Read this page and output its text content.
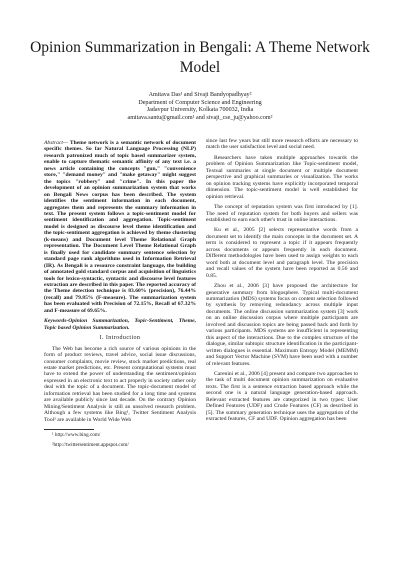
Opinion Summarization in Bengali: A Theme Network Model
Amitava Das¹ and Sivaji Bandyopadhyay²
Department of Computer Science and Engineering
Jadavpur University, Kolkata 700032, India
amitava.santu@gmail.com¹ and sivaji_cse_ju@yahoo.com²

Abstract— Theme network is a semantic network of document specific themes. So far Natural Language Processing (NLP) research patronized much of topic based summarizer system, enable to capture thematic semantic affinity of any text i.e. a news article containing the concepts "gun," "convenience store," "demand money" and "make getaway" might suggest the topics "robbery" and "crime". In this paper the development of an opinion summarization system that works on Bengali News corpus has been described. The system identifies the sentiment information in each document, aggregates them and represents the summary information in text. The present system follows a topic-sentiment model for sentiment identification and aggregation. Topic-sentiment model is designed as discourse level theme identification and the topic-sentiment aggregation is achieved by theme clustering (k-means) and Document level Theme Relational Graph representation. The Document Level Theme Relational Graph is finally used for candidate summary sentence selection by standard page rank algorithms used in Information Retrieval (IR). As Bengali is a resource constraint language, the building of annotated gold standard corpus and acquisition of linguistics tools for lexico-syntactic, syntactic and discourse level features extraction are described in this paper. The reported accuracy of the Theme detection technique is 83.60% (precision), 76.44% (recall) and 79.85% (F-measure). The summarization system has been evaluated with Precision of 72.15%, Recall of 67.32% and F-measure of 69.65%.

Keywords-Opinion Summarization, Topic-Sentiment, Theme, Topic based Opinion Summarization.

I. Introduction

The Web has become a rich source of various opinions in the form of product reviews, travel advice, social issue discussions, consumer complaints, movie review, stock market predictions, real estate market predictions, etc. Present computational systems must have to extend the power of understanding the sentiment/opinion expressed in an electronic text to act properly in society rather only deal with the topic of a document. The topic-document model of information retrieval has been studied for a long time and systems are available publicly since last decade. On the contrary Opinion Mining/Sentiment Analysis is still an unsolved research problem. Although a few systems like Bing¹, Twitter Sentiment Analysis Tool² are available in World Wide Web

¹ http://www.bing.com/

²http://twittersentiment.appspot.com/

since last few years but still more research efforts are necessary to match the user satisfaction level and social need.

Researchers have taken multiple approaches towards the problem of Opinion Summarization like Topic-sentiment model, Textual summaries at single document or multiple document perspective and graphical summaries or visualization. The works on opinion tracking systems have explicitly incorporated temporal dimension. The topic-sentiment model is well established for opinion retrieval.

The concept of reputation system was first introduced by [1]. The need of reputation system for both buyers and sellers was established to earn each other's trust in online interactions.

Ku et al., 2005 [2] selects representative words from a document set to identify the main concepts in the document set. A term is considered to represent a topic if it appears frequently across documents or appears frequently in each document. Different methodologies have been used to assign weights to each word both at document level and paragraph level. The precision and recall values of the system have been reported as 0.56 and 0.85.

Zhou et al., 2006 [3] have proposed the architecture for generative summary from blogosphere. Typical multi-document summarization (MDS) systems focus on content selection followed by synthesis by removing redundancy across multiple input documents. The online discussion summarization system [3] work on an online discussion corpus where multiple participants are involved and discussion topics are being passed back and forth by various participants. MDS systems are insufficient in representing this aspect of the interactions. Due to the complex structure of the dialogue, similar subtopic structure identification in the participant-written dialogues is essential. Maximum Entropy Model (MEMM) and Support Vector Machine (SVM) have been used with a number of relevant features.

Carenini et al., 2006 [4] present and compare two approaches to the task of multi document opinion summarization on evaluative texts. The first is a sentence extraction based approach while the second one is a natural language generation-based approach. Relevant extracted features are categorized in two types: User Defined Features (UDF) and Crude Features (CF) as described in [5]. The summary generation technique uses the aggregation of the extracted features, CF and UDF. Opinion aggregation has been
